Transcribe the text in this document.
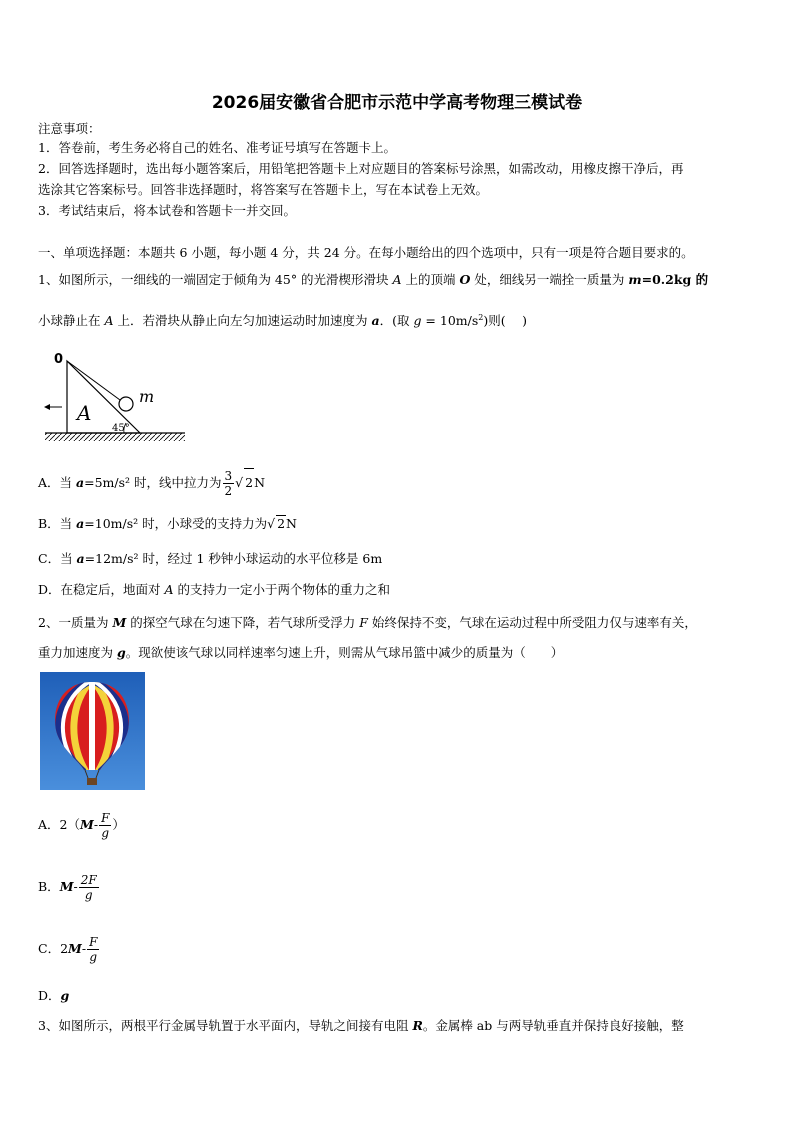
2026届安徽省合肥市示范中学高考物理三模试卷
注意事项：
1．答卷前，考生务必将自己的姓名、准考证号填写在答题卡上。
2．回答选择题时，选出每小题答案后，用铅笔把答题卡上对应题目的答案标号涂黑，如需改动，用橡皮擦干净后，再
选涂其它答案标号。回答非选择题时，将答案写在答题卡上，写在本试卷上无效。
3．考试结束后，将本试卷和答题卡一并交回。
一、单项选择题：本题共 6 小题，每小题 4 分，共 24 分。在每小题给出的四个选项中，只有一项是符合题目要求的。
1、如图所示，一细线的一端固定于倾角为 45° 的光滑楔形滑块 A 上的顶端 O 处，细线另一端拴一质量为 m=0.2kg 的
小球静止在 A 上．若滑块从静止向左匀加速运动时加速度为 a．(取 $g = 10m/s^2$)则(　 )
0
A
m
45°
A．当 a=5m/s² 时，线中拉力为 $\frac{3}{2}$ √ 2N
B．当 a=10m/s² 时，小球受的支持力为√ 2N
C．当 a=12m/s² 时，经过 1 秒钟小球运动的水平位移是 6m
D．在稳定后，地面对 A 的支持力一定小于两个物体的重力之和
2、一质量为 M 的探空气球在匀速下降，若气球所受浮力 F 始终保持不变，气球在运动过程中所受阻力仅与速率有关，
重力加速度为 g。现欲使该气球以同样速率匀速上升，则需从气球吊篮中减少的质量为（　　）
A．$2(M- \frac{F}{g}$ ）
B．$M- \frac{2F}{g}$
C．$2M- \frac{F}{g}$
D．g
3、如图所示，两根平行金属导轨置于水平面内，导轨之间接有电阻 R。金属棒 ab 与两导轨垂直并保持良好接触，整
